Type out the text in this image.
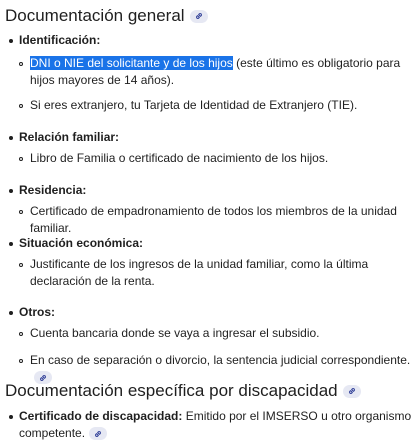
Documentación general
Identificación:
DNI o NIE del solicitante y de los hijos (este último es obligatorio para hijos mayores de 14 años).
Si eres extranjero, tu Tarjeta de Identidad de Extranjero (TIE).
Relación familiar:
Libro de Familia o certificado de nacimiento de los hijos.
Residencia:
Certificado de empadronamiento de todos los miembros de la unidad familiar.
Situación económica:
Justificante de los ingresos de la unidad familiar, como la última declaración de la renta.
Otros:
Cuenta bancaria donde se vaya a ingresar el subsidio.
En caso de separación o divorcio, la sentencia judicial correspondiente.
Documentación específica por discapacidad
Certificado de discapacidad: Emitido por el IMSERSO u otro organismo competente.
